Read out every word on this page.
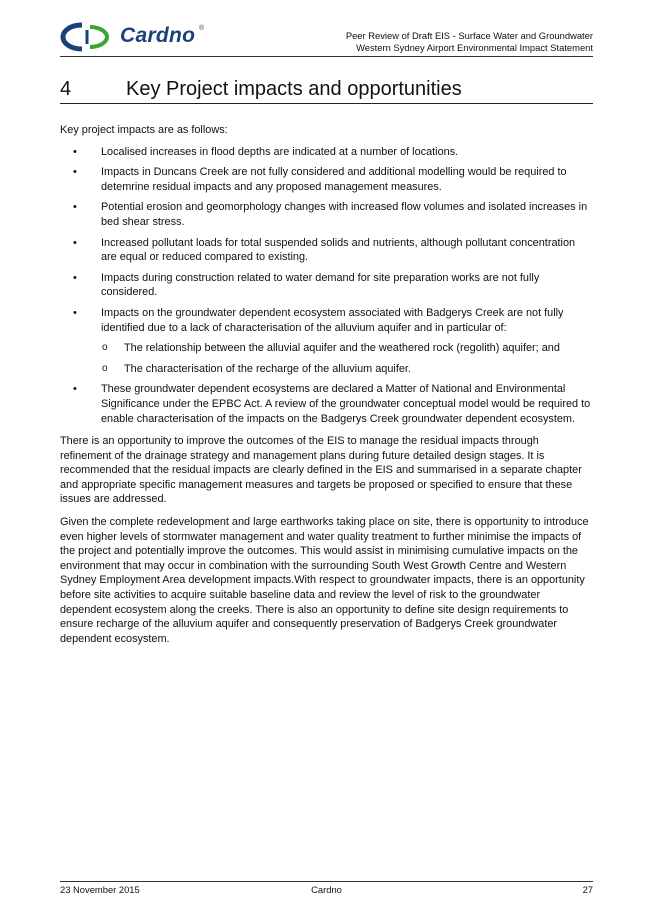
Cardno ®
Peer Review of Draft EIS - Surface Water and Groundwater
Western Sydney Airport Environmental Impact Statement
4	Key Project impacts and opportunities

Key project impacts are as follows:

• Localised increases in flood depths are indicated at a number of locations.
• Impacts in Duncans Creek are not fully considered and additional modelling would be required to detemrine residual impacts and any proposed management measures.
• Potential erosion and geomorphology changes with increased flow volumes and isolated increases in bed shear stress.
• Increased pollutant loads for total suspended solids and nutrients, although pollutant concentration are equal or reduced compared to existing.
• Impacts during construction related to water demand for site preparation works are not fully considered.
• Impacts on the groundwater dependent ecosystem associated with Badgerys Creek are not fully identified due to a lack of characterisation of the alluvium aquifer and in particular of:
o The relationship between the alluvial aquifer and the weathered rock (regolith) aquifer; and
o The characterisation of the recharge of the alluvium aquifer.
• These groundwater dependent ecosystems are declared a Matter of National and Environmental Significance under the EPBC Act. A review of the groundwater conceptual model would be required to enable characterisation of the impacts on the Badgerys Creek groundwater dependent ecosystem.

There is an opportunity to improve the outcomes of the EIS to manage the residual impacts through refinement of the drainage strategy and management plans during future detailed design stages. It is recommended that the residual impacts are clearly defined in the EIS and summarised in a separate chapter and appropriate specific management measures and targets be proposed or specified to ensure that these issues are addressed.

Given the complete redevelopment and large earthworks taking place on site, there is opportunity to introduce even higher levels of stormwater management and water quality treatment to further minimise the impacts of the project and potentially improve the outcomes. This would assist in minimising cumulative impacts on the environment that may occur in combination with the surrounding South West Growth Centre and Western Sydney Employment Area development impacts.With respect to groundwater impacts, there is an opportunity before site activities to acquire suitable baseline data and review the level of risk to the groundwater dependent ecosystem along the creeks. There is also an opportunity to define site design requirements to ensure recharge of the alluvium aquifer and consequently preservation of Badgerys Creek groundwater dependent ecosystem.

23 November 2015	Cardno	27
